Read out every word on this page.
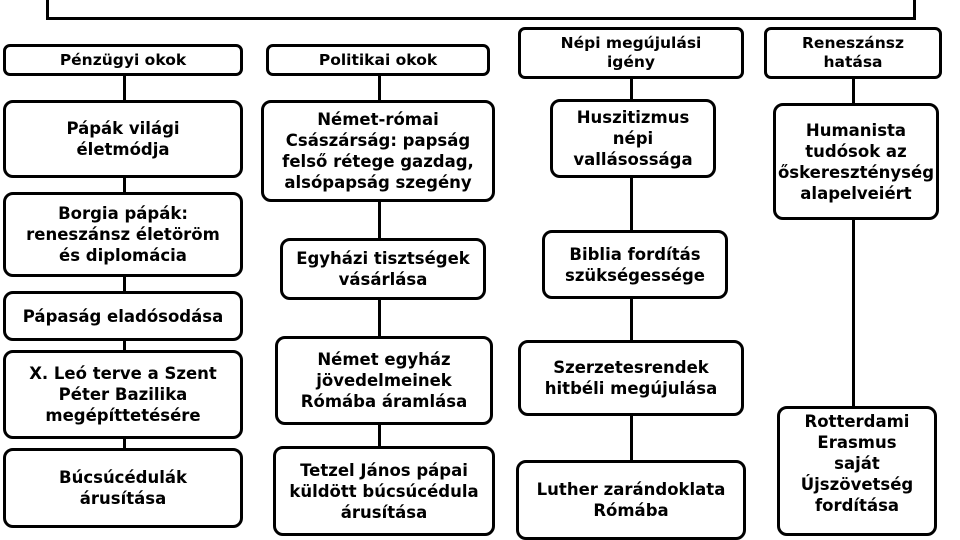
Pénzügyi okok
Pápák világi
életmódja
Borgia pápák:
reneszánsz életöröm
és diplomácia
Pápaság eladósodása
X. Leó terve a Szent
Péter Bazilika
megépíttetésére
Búcsúcédulák
árusítása
Politikai okok
Német-római
Császárság: papság
felső rétege gazdag,
alsópapság szegény
Egyházi tisztségek
vásárlása
Német egyház
jövedelmeinek
Rómába áramlása
Tetzel János pápai
küldött búcsúcédula
árusítása
Népi megújulási
igény
Huszitizmus
népi
vallásossága
Biblia fordítás
szükségessége
Szerzetesrendek
hitbéli megújulása
Luther zarándoklata
Rómába
Reneszánsz
hatása
Humanista
tudósok az
őskereszténység
alapelveiért
Rotterdami
Erasmus
saját
Újszövetség
fordítása
